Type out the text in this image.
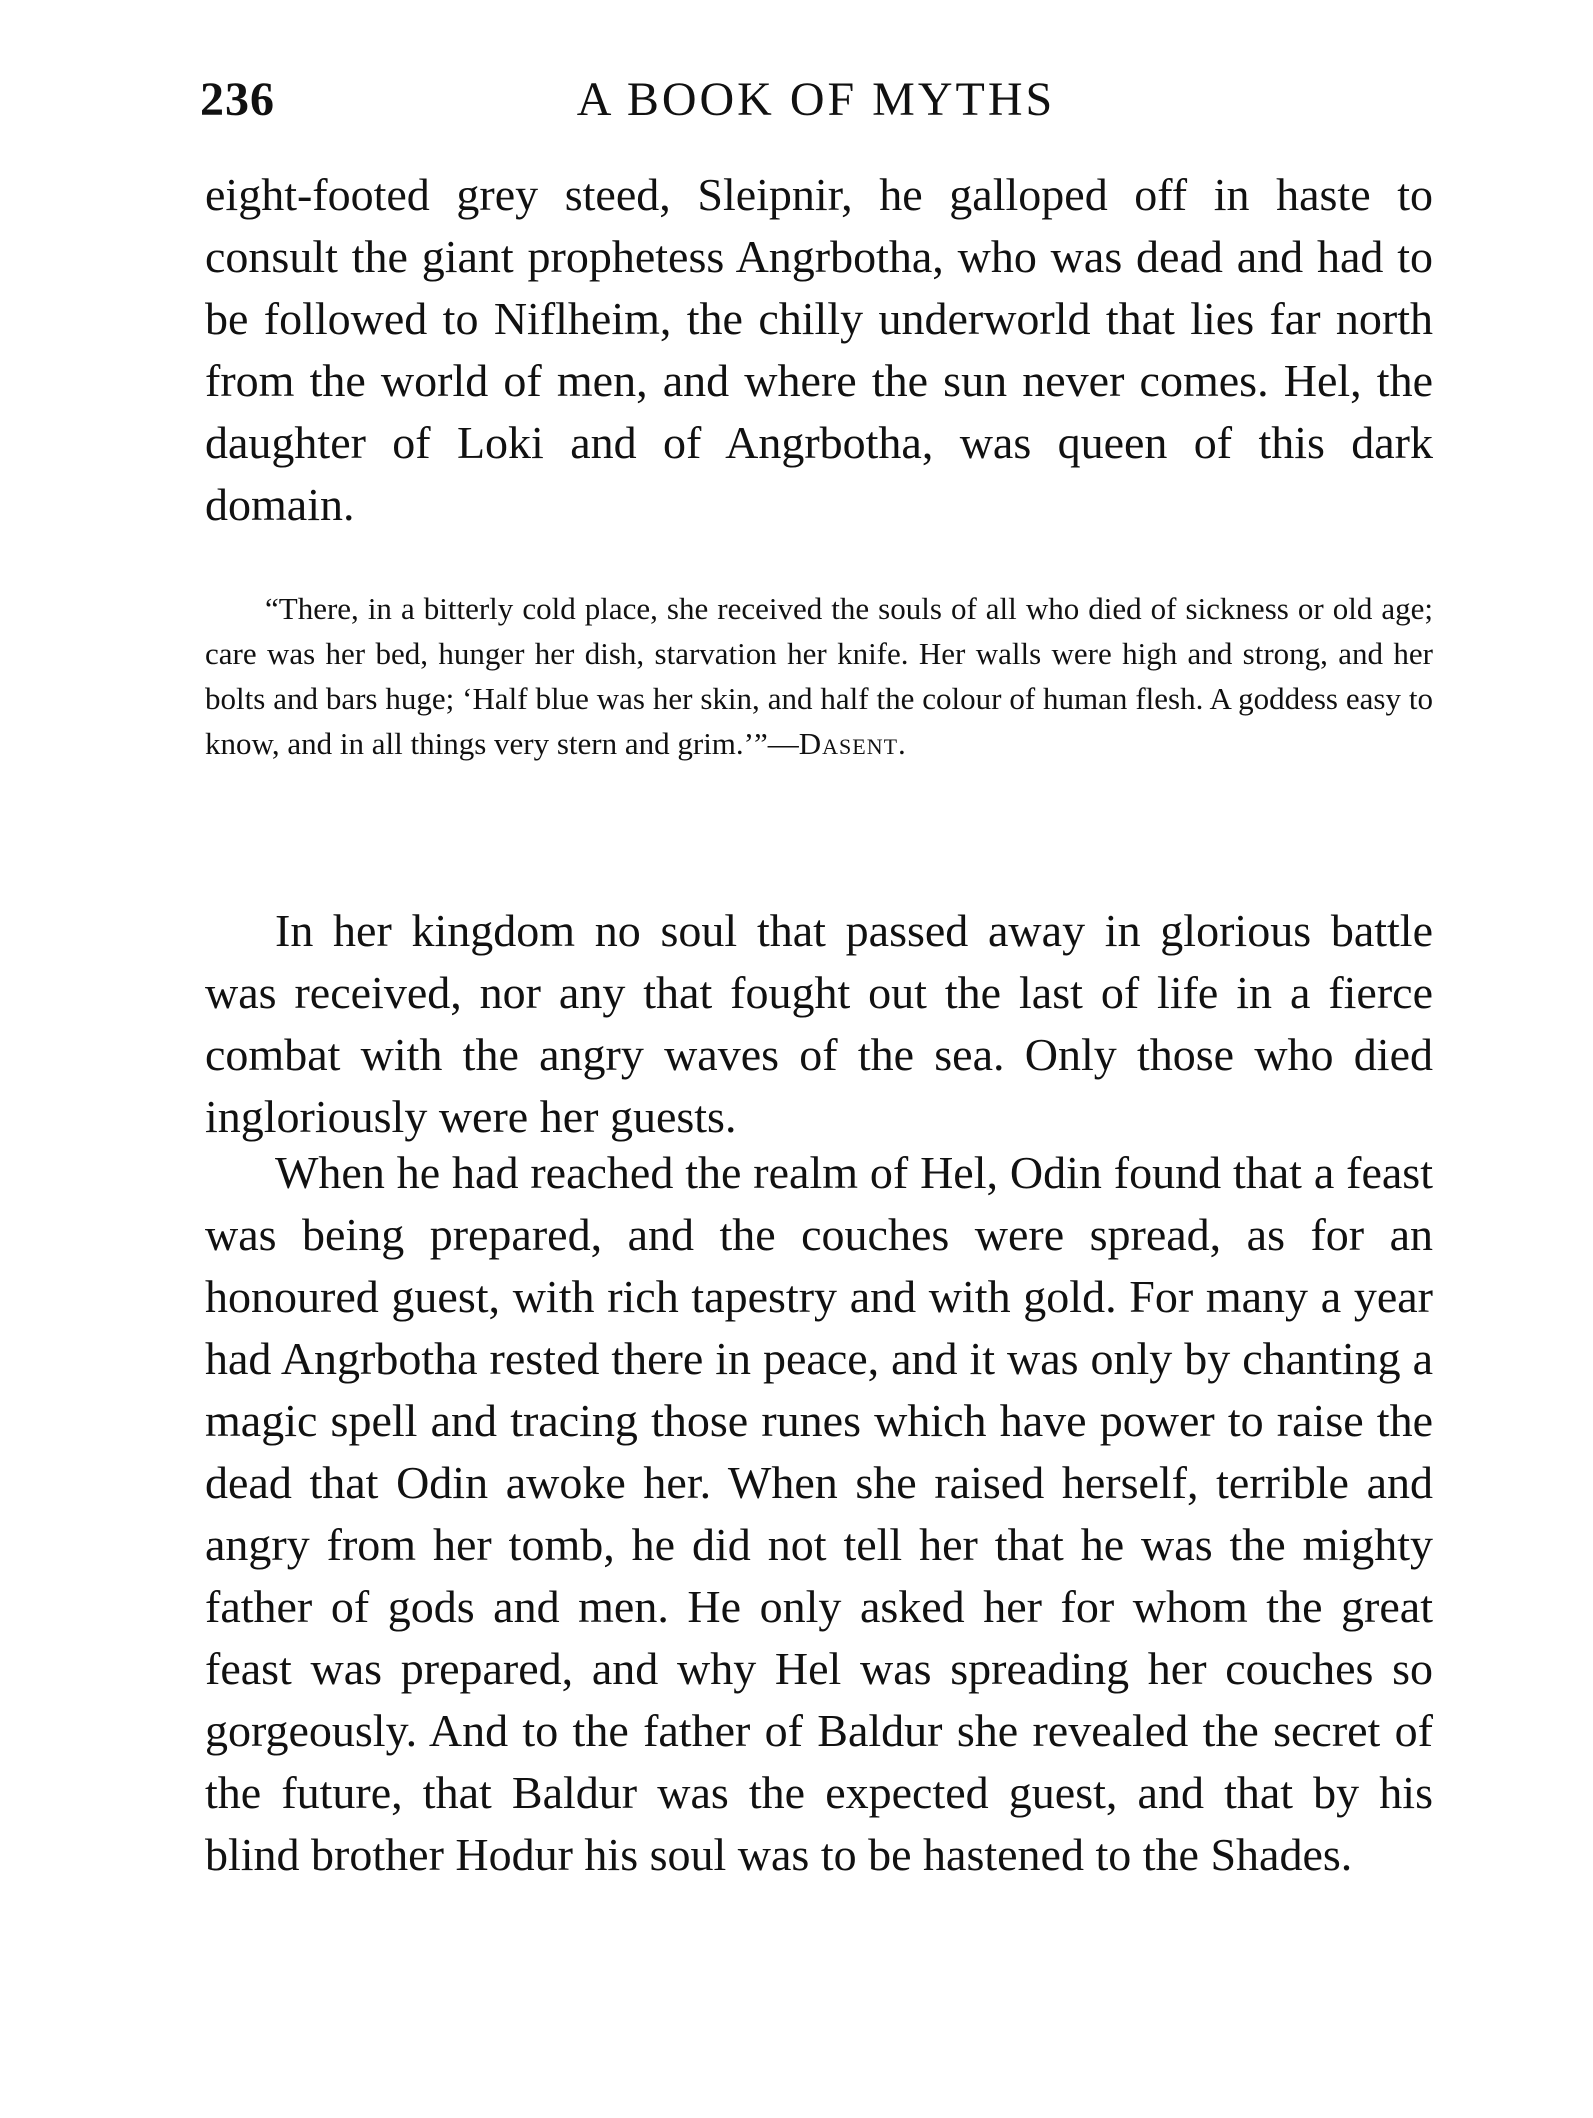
236	A BOOK OF MYTHS

eight-footed grey steed, Sleipnir, he galloped off in haste to consult the giant prophetess Angrbotha, who was dead and had to be followed to Niflheim, the chilly underworld that lies far north from the world of men, and where the sun never comes. Hel, the daughter of Loki and of Angrbotha, was queen of this dark domain.

“There, in a bitterly cold place, she received the souls of all who died of sickness or old age; care was her bed, hunger her dish, starvation her knife. Her walls were high and strong, and her bolts and bars huge; ‘Half blue was her skin, and half the colour of human flesh. A goddess easy to know, and in all things very stern and grim.’”—Dasent.

In her kingdom no soul that passed away in glorious battle was received, nor any that fought out the last of life in a fierce combat with the angry waves of the sea. Only those who died ingloriously were her guests.

When he had reached the realm of Hel, Odin found that a feast was being prepared, and the couches were spread, as for an honoured guest, with rich tapestry and with gold. For many a year had Angrbotha rested there in peace, and it was only by chanting a magic spell and tracing those runes which have power to raise the dead that Odin awoke her. When she raised herself, terrible and angry from her tomb, he did not tell her that he was the mighty father of gods and men. He only asked her for whom the great feast was prepared, and why Hel was spreading her couches so gorgeously. And to the father of Baldur she revealed the secret of the future, that Baldur was the expected guest, and that by his blind brother Hodur his soul was to be hastened to the Shades.
